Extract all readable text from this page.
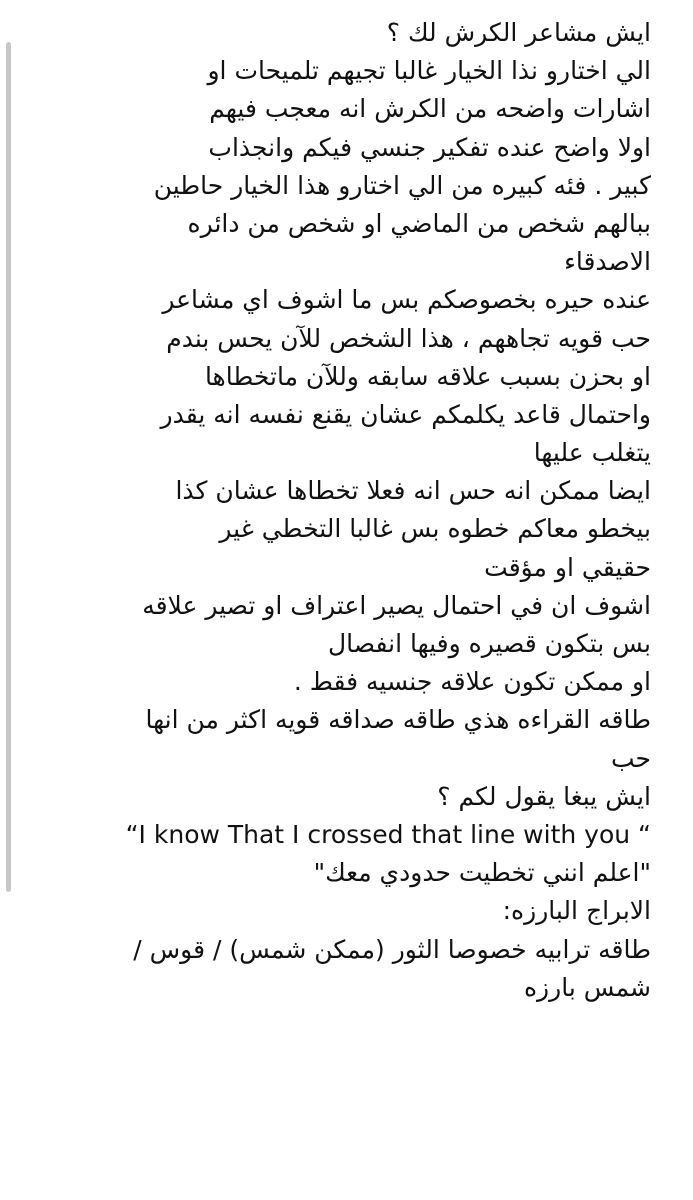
ايش مشاعر الكرش لك ؟
الي اختارو نذا الخيار غالبا تجيهم تلميحات او
اشارات واضحه من الكرش انه معجب فيهم
اولا واضح عنده تفكير جنسي فيكم وانجذاب
كبير . فئه كبيره من الي اختارو هذا الخيار حاطين
ببالهم شخص من الماضي او شخص من دائره
الاصدقاء
عنده حيره بخصوصكم بس ما اشوف اي مشاعر
حب قويه تجاههم ، هذا الشخص للآن يحس بندم
او بحزن بسبب علاقه سابقه وللآن ماتخطاها
واحتمال قاعد يكلمكم عشان يقنع نفسه انه يقدر
يتغلب عليها
ايضا ممكن انه حس انه فعلا تخطاها عشان كذا
بيخطو معاكم خطوه بس غالبا التخطي غير
حقيقي او مؤقت
اشوف ان في احتمال يصير اعتراف او تصير علاقه
بس بتكون قصيره وفيها انفصال
او ممكن تكون علاقه جنسيه فقط .
طاقه القراءه هذي طاقه صداقه قويه اكثر من انها
حب
ايش يبغا يقول لكم ؟
“I know That I crossed that line with you “
"اعلم انني تخطيت حدودي معك"
الابراج البارزه:
طاقه ترابيه خصوصا الثور (ممكن شمس) / قوس /
شمس بارزه
